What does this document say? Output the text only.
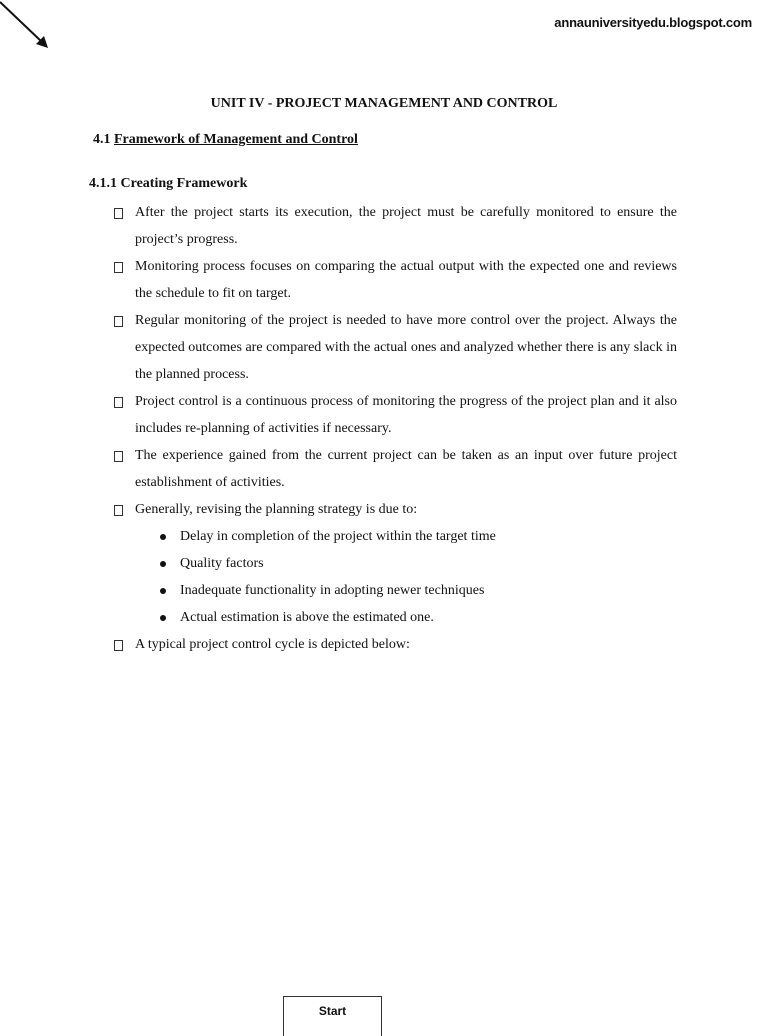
annauniversityedu.blogspot.com
UNIT IV - PROJECT MANAGEMENT AND CONTROL
4.1 Framework of Management and Control
4.1.1 Creating Framework
After the project starts its execution, the project must be carefully monitored to ensure the project’s progress.
Monitoring process focuses on comparing the actual output with the expected one and reviews the schedule to fit on target.
Regular monitoring of the project is needed to have more control over the project. Always the expected outcomes are compared with the actual ones and analyzed whether there is any slack in the planned process.
Project control is a continuous process of monitoring the progress of the project plan and it also includes re-planning of activities if necessary.
The experience gained from the current project can be taken as an input over future project establishment of activities.
Generally, revising the planning strategy is due to:
Delay in completion of the project within the target time
Quality factors
Inadequate functionality in adopting newer techniques
Actual estimation is above the estimated one.
A typical project control cycle is depicted below:
Start
